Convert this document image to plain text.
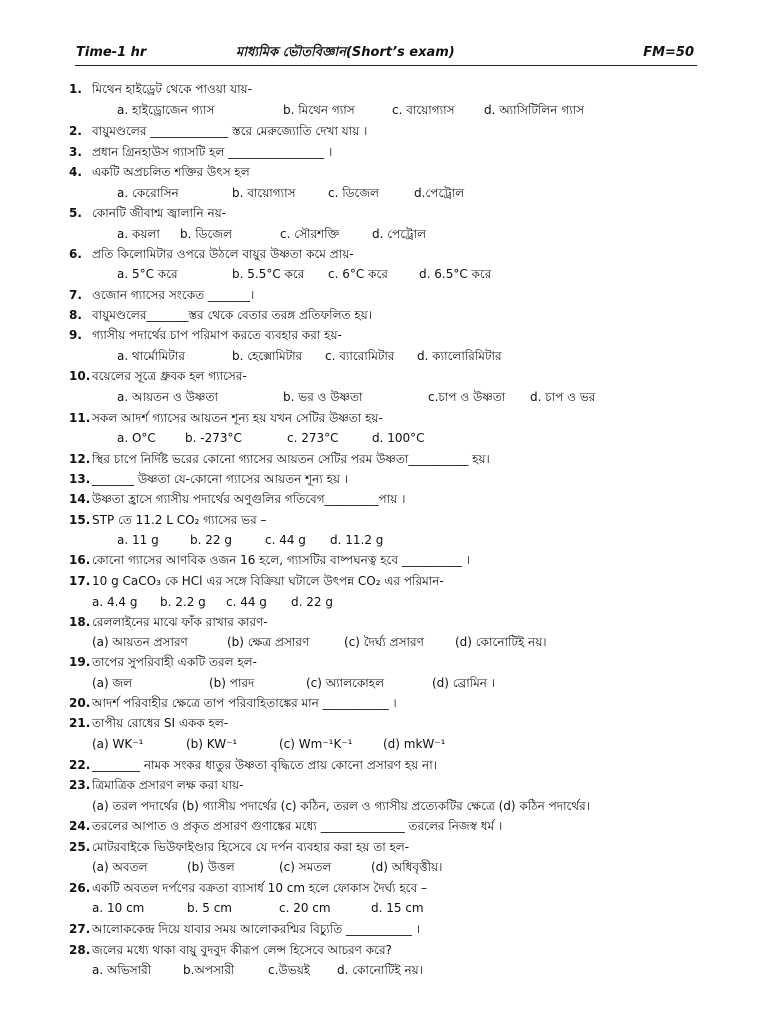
Time-1 hr	মাধ্যমিক ভৌতবিজ্ঞান(Short’s exam)	FM=50
1. মিথেন হাইড্রেট থেকে পাওয়া যায়-
a. হাইড্রোজেন গ্যাস	b. মিথেন গ্যাস	c. বায়োগ্যাস d. অ্যাসিটিলিন গ্যাস
2. বায়ুমণ্ডলের _____________ স্তরে মেরুজ্যোতি দেখা যায় ।
3. প্রধান গ্রিনহাউস গ্যাসটি হল ________________ ।
4. একটি অপ্রচলিত শক্তির উৎস হল
a. কেরোসিন	b. বায়োগ্যাস	c. ডিজেল	d.পেট্রোল
5. কোনটি জীবাশ্ম জ্বালানি নয়-
a. কয়লা b. ডিজেল	c. সৌরশক্তি	d. পেট্রোল
6. প্রতি কিলোমিটার ওপরে উঠলে বায়ুর উষ্ণতা কমে প্রায়-
a. 5°C করে	b. 5.5°C করে c. 6°C করে	d. 6.5°C করে
7. ওজোন গ্যাসের সংকেত _______।
8. বায়ুমণ্ডলের_______স্তর থেকে বেতার তরঙ্গ প্রতিফলিত হয়।
9. গ্যাসীয় পদার্থের চাপ পরিমাপ করতে ব্যবহার করা হয়-
a. থার্মোমিটার	b. হেক্সোমিটার c. ব্যারোমিটার d. ক্যালোরিমিটার
10. বয়েলের সূত্রে ধ্রুবক হল গ্যাসের-
a. আয়তন ও উষ্ণতা	b. ভর ও উষ্ণতা	c.চাপ ও উষ্ণতা d. চাপ ও ভর
11. সকল আদর্শ গ্যাসের আয়তন শূন্য হয় যখন সেটির উষ্ণতা হয়-
a. O°C b. -273°C	c. 273°C	d. 100°C
12. স্থির চাপে নির্দিষ্ট ভরের কোনো গ্যাসের আয়তন সেটির পরম উষ্ণতা__________ হয়।
13. _______ উষ্ণতা যে-কোনো গ্যাসের আয়তন শূন্য হয় ।
14. উষ্ণতা হ্রাসে গ্যাসীয় পদার্থের অণুগুলির গতিবেগ_________পায় ।
15. STP তে 11.2 L CO₂ গ্যাসের ভর –
a. 11 g	b. 22 g	c. 44 g d. 11.2 g
16. কোনো গ্যাসের আণবিক ওজন 16 হলে, গ্যাসটির বাষ্পঘনত্ব হবে __________ ।
17. 10 g CaCO₃ কে HCl এর সঙ্গে বিক্রিয়া ঘটালে উৎপন্ন CO₂ এর পরিমান-
a. 4.4 g b. 2.2 g c. 44 g d. 22 g
18. রেললাইনের মাঝে ফাঁক রাখার কারণ-
(a) আয়তন প্রসারণ	(b) ক্ষেত্র প্রসারণ	(c) দৈর্ঘ্য প্রসারণ	(d) কোনোটিই নয়।
19. তাপের সুপরিবাহী একটি তরল হল-
(a) জল	(b) পারদ	(c) অ্যালকোহল	(d) ব্রোমিন ।
20. আদর্শ পরিবাহীর ক্ষেত্রে তাপ পরিবাহিতাঙ্কের মান ___________ ।
21. তাপীয় রোধের SI একক হল-
(a) WK⁻¹	(b) KW⁻¹	(c) Wm⁻¹K⁻¹	(d) mkW⁻¹
22. ________ নামক সংকর ধাতুর উষ্ণতা বৃদ্ধিতে প্রায় কোনো প্রসারণ হয় না।
23. ত্রিমাত্রিক প্রসারণ লক্ষ করা যায়-
(a) তরল পদার্থের (b) গ্যাসীয় পদার্থের (c) কঠিন, তরল ও গ্যাসীয় প্রত্যেকটির ক্ষেত্রে (d) কঠিন পদার্থের।
24. তরলের আপাত ও প্রকৃত প্রসারণ গুণাঙ্কের মধ্যে ______________ তরলের নিজস্ব ধর্ম ।
25. মোটরবাইকে ভিউফাইণ্ডার হিসেবে যে দর্পন ব্যবহার করা হয় তা হল-
(a) অবতল	(b) উত্তল	(c) সমতল	(d) অধিবৃত্তীয়।
26. একটি অবতল দর্পণের বক্রতা ব্যাসার্ধ 10 cm হলে ফোকাস দৈর্ঘ্য হবে –
a. 10 cm	b. 5 cm	c. 20 cm	d. 15 cm
27. আলোককেন্দ্র দিয়ে যাবার সময় আলোকরশ্মির বিচ্যুতি ___________ ।
28. জলের মধ্যে থাকা বায়ু বুদবুদ কীরূপ লেন্স হিসেবে আচরণ করে?
a. অভিসারী	b.অপসারী	c.উভয়ই d. কোনোটিই নয়।
